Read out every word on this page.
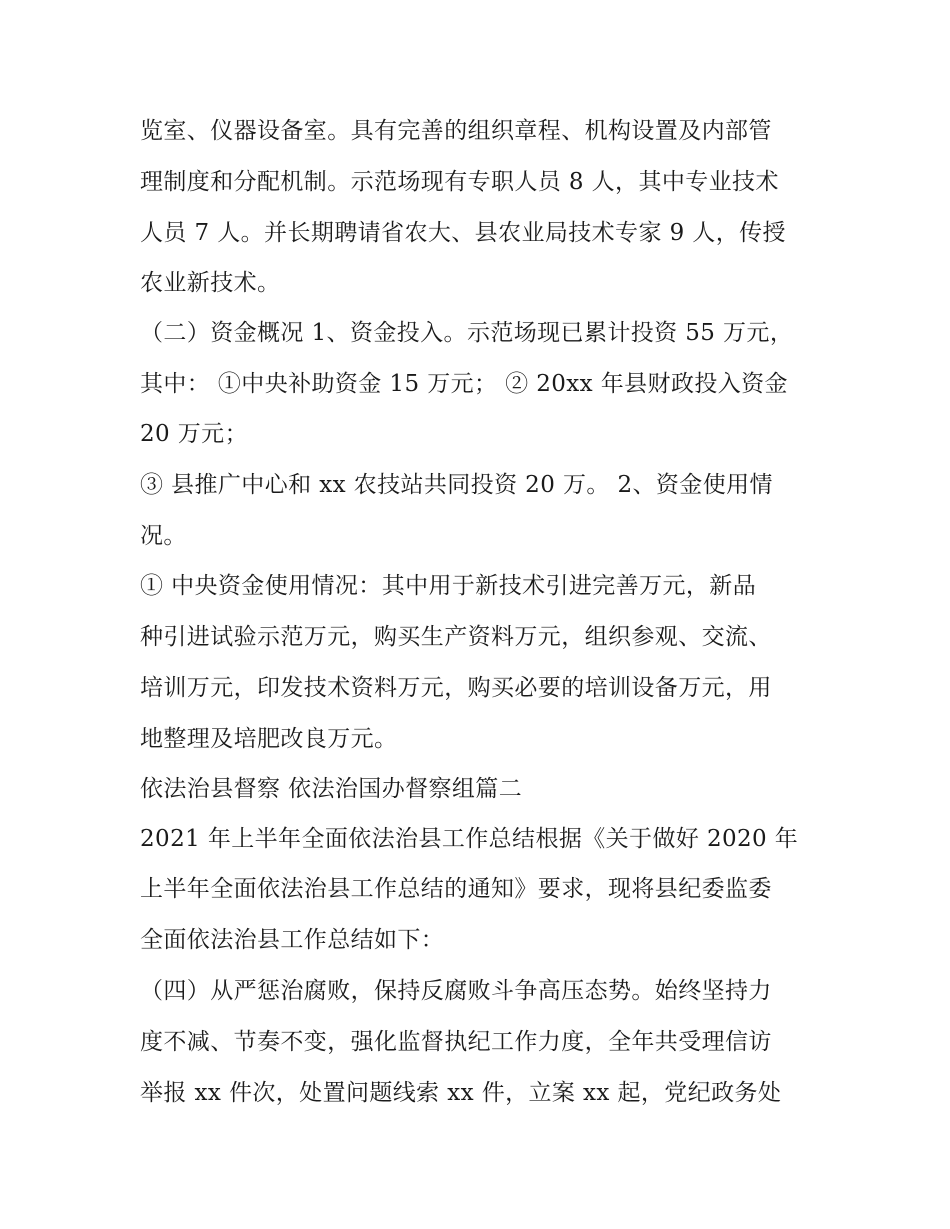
览室、仪器设备室。具有完善的组织章程、机构设置及内部管
理制度和分配机制。示范场现有专职人员 8 人，其中专业技术
人员 7 人。并长期聘请省农大、县农业局技术专家 9 人，传授
农业新技术。
（二）资金概况 1、资金投入。示范场现已累计投资 55 万元，
其中： ①中央补助资金 15 万元； ② 20xx 年县财政投入资金
20 万元；
③ 县推广中心和 xx 农技站共同投资 20 万。 2、资金使用情
况。
① 中央资金使用情况：其中用于新技术引进完善万元，新品
种引进试验示范万元，购买生产资料万元，组织参观、交流、
培训万元，印发技术资料万元，购买必要的培训设备万元，用
地整理及培肥改良万元。
依法治县督察 依法治国办督察组篇二
2021 年上半年全面依法治县工作总结根据《关于做好 2020 年
上半年全面依法治县工作总结的通知》要求，现将县纪委监委
全面依法治县工作总结如下：
（四）从严惩治腐败，保持反腐败斗争高压态势。始终坚持力
度不减、节奏不变，强化监督执纪工作力度，全年共受理信访
举报 xx 件次，处置问题线索 xx 件，立案 xx 起，党纪政务处
